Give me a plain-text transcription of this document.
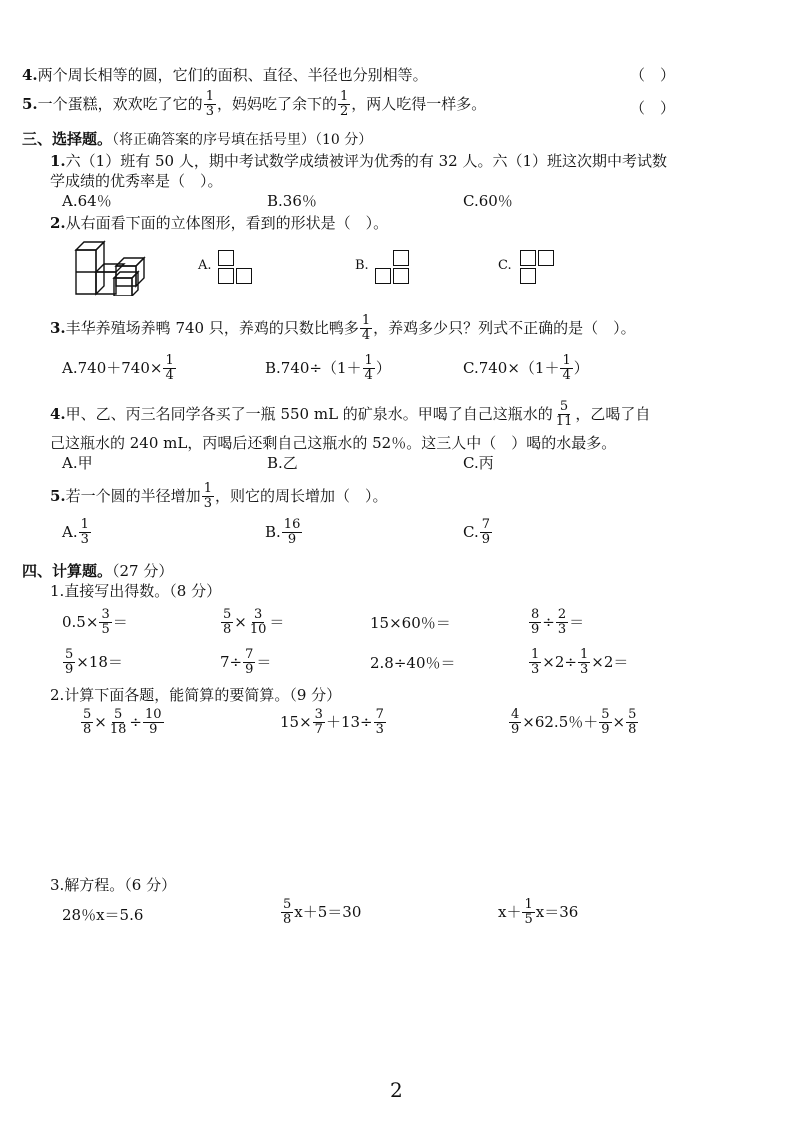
4.两个周长相等的圆，它们的面积、直径、半径也分别相等。	（　）
5.一个蛋糕，欢欢吃了它的 $\frac{1}{3}$ ，妈妈吃了余下的 $\frac{1}{2}$ ，两人吃得一样多。	（　）
三、选择题。（将正确答案的序号填在括号里）（10 分）
1.六（1）班有 50 人，期中考试数学成绩被评为优秀的有 32 人。六（1）班这次期中考试数
学成绩的优秀率是（　）。
A.64％	B.36％	C.60％
2.从右面看下面的立体图形，看到的形状是（　）。
A.	B.	C.
3.丰华养殖场养鸭 740 只，养鸡的只数比鸭多 $\frac{1}{4}$ ，养鸡多少只？列式不正确的是（　）。
$A.740+740\times \frac{1}{4}$	$B.740\div(1+ \frac{1}{4}$ ）	$C.740\times(1+ \frac{1}{4}$ ）
4.甲、乙、丙三名同学各买了一瓶 550 mL 的矿泉水。甲喝了自己这瓶水的 $\frac{5}{11}$ ，乙喝了自
己这瓶水的 240 mL，丙喝后还剩自己这瓶水的 52％。这三人中（　）喝的水最多。
A.甲	B.乙	C.丙
5.若一个圆的半径增加 $\frac{1}{3}$ ，则它的周长增加（　）。
A. $\frac{1}{3}$	B. $\frac{16}{9}$	C. $\frac{7}{9}$
四、计算题。（27 分）
1.直接写出得数。（8 分）
$0.5\times \frac{3}{5}$ ＝	$\frac{5}{8} \times \frac{3}{10}$ ＝	15×60％＝	$\frac{8}{9} \div \frac{2}{3}$ ＝
$\frac{5}{9} \times 18=$	$7\div \frac{7}{9}$ ＝	2.8÷40％＝	$\frac{1}{3} \times 2\div \frac{1}{3} \times 2=$
2.计算下面各题，能简算的要简算。（9 分）
$\frac{5}{8} \times \frac{5}{18} \div \frac{10}{9}$	$15\times \frac{3}{7} +13\div \frac{7}{3}$	$\frac{4}{9} \times 62.5$％＋ $\frac{5}{9} \times \frac{5}{8}$
3.解方程。（6 分）
28％x＝5.6	$\frac{5}{8} x+5=30$	$x+ \frac{1}{5} x=36$
2
